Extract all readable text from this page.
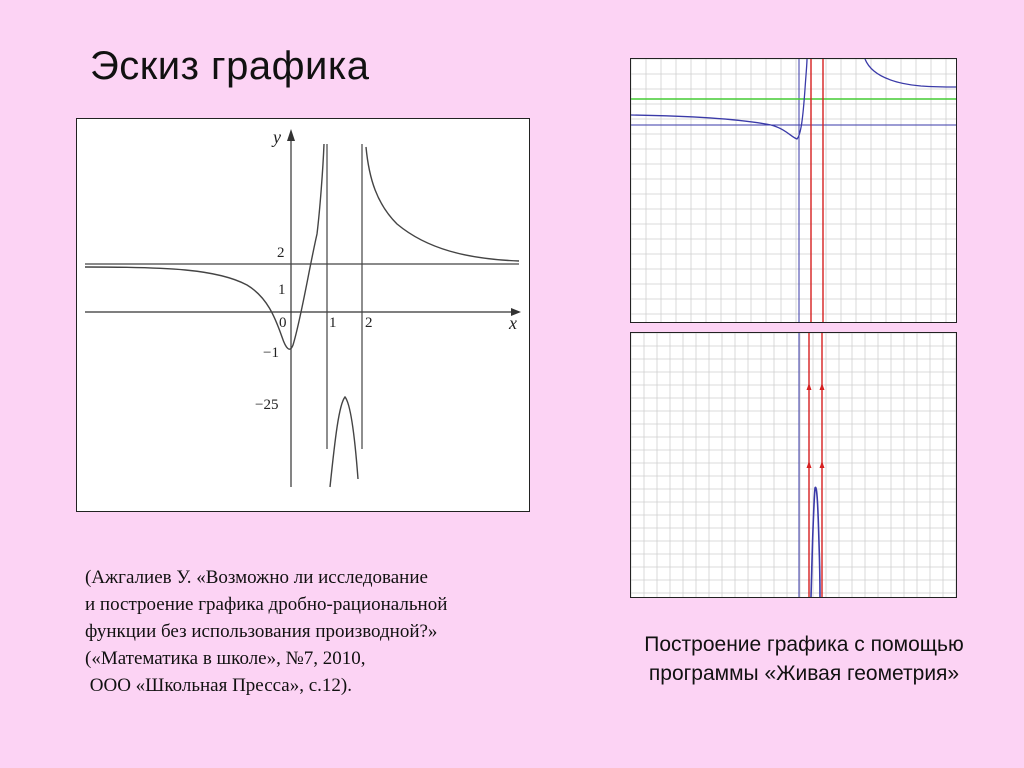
Эскиз графика
y
x
2
1
0	1 2
−1
−25
(Ажгалиев У. «Возможно ли исследование
и построение графика дробно-рациональной
функции без использования производной?»
(«Математика в школе», №7, 2010,
ООО «Школьная Пресса», с.12).
Построение графика с помощью
программы «Живая геометрия»
